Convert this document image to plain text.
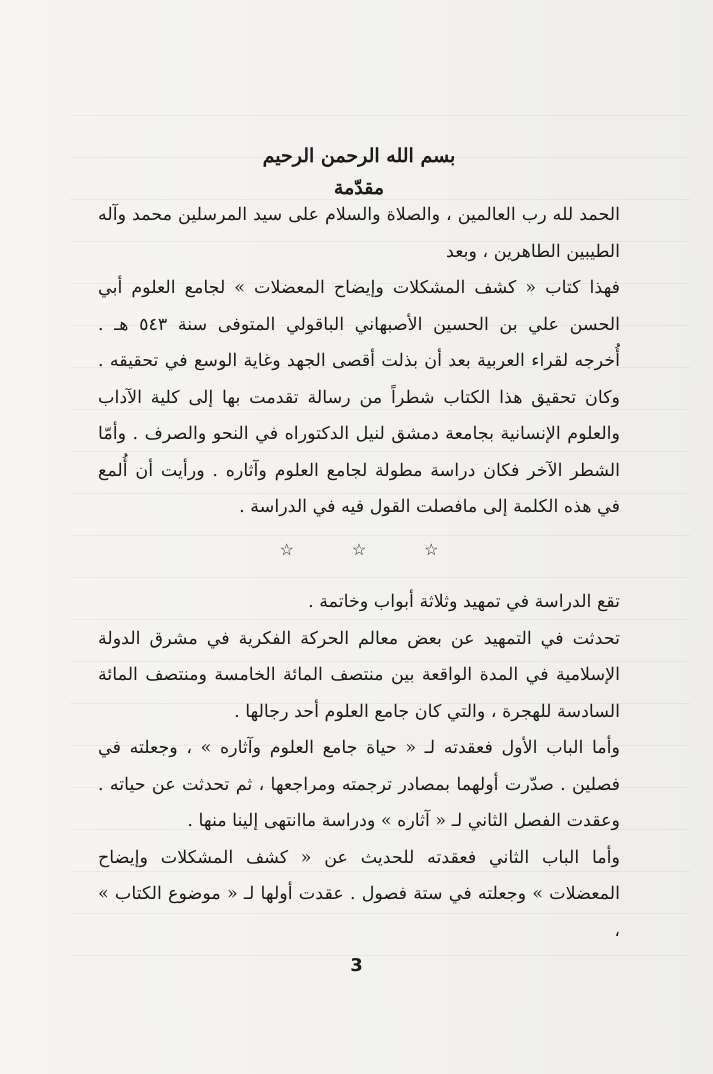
بسم الله الرحمن الرحيم
مقدّمة

الحمد لله رب العالمين ، والصلاة والسلام على سيد المرسلين محمد وآله الطيبين الطاهرين ، وبعد

فهذا كتاب « كشف المشكلات وإيضاح المعضلات » لجامع العلوم أبي الحسن علي بن الحسين الأصبهاني الباقولي المتوفى سنة ٥٤٣ هـ . أُخرجه لقراء العربية بعد أن بذلت أقصى الجهد وغاية الوسع في تحقيقه . وكان تحقيق هذا الكتاب شطراً من رسالة تقدمت بها إلى كلية الآداب والعلوم الإنسانية بجامعة دمشق لنيل الدكتوراه في النحو والصرف . وأمّا الشطر الآخر فكان دراسة مطولة لجامع العلوم وآثاره . ورأيت أن أُلمع في هذه الكلمة إلى مافصلت القول فيه في الدراسة .

☆	☆	☆

تقع الدراسة في تمهيد وثلاثة أبواب وخاتمة .

تحدثت في التمهيد عن بعض معالم الحركة الفكرية في مشرق الدولة الإسلامية في المدة الواقعة بين منتصف المائة الخامسة ومنتصف المائة السادسة للهجرة ، والتي كان جامع العلوم أحد رجالها .

وأما الباب الأول فعقدته لـ « حياة جامع العلوم وآثاره » ، وجعلته في فصلين . صدّرت أولهما بمصادر ترجمته ومراجعها ، ثم تحدثت عن حياته . وعقدت الفصل الثاني لـ « آثاره » ودراسة ماانتهى إلينا منها .

وأما الباب الثاني فعقدته للحديث عن « كشف المشكلات وإيضاح المعضلات » وجعلته في ستة فصول . عقدت أولها لـ « موضوع الكتاب » ،

3
